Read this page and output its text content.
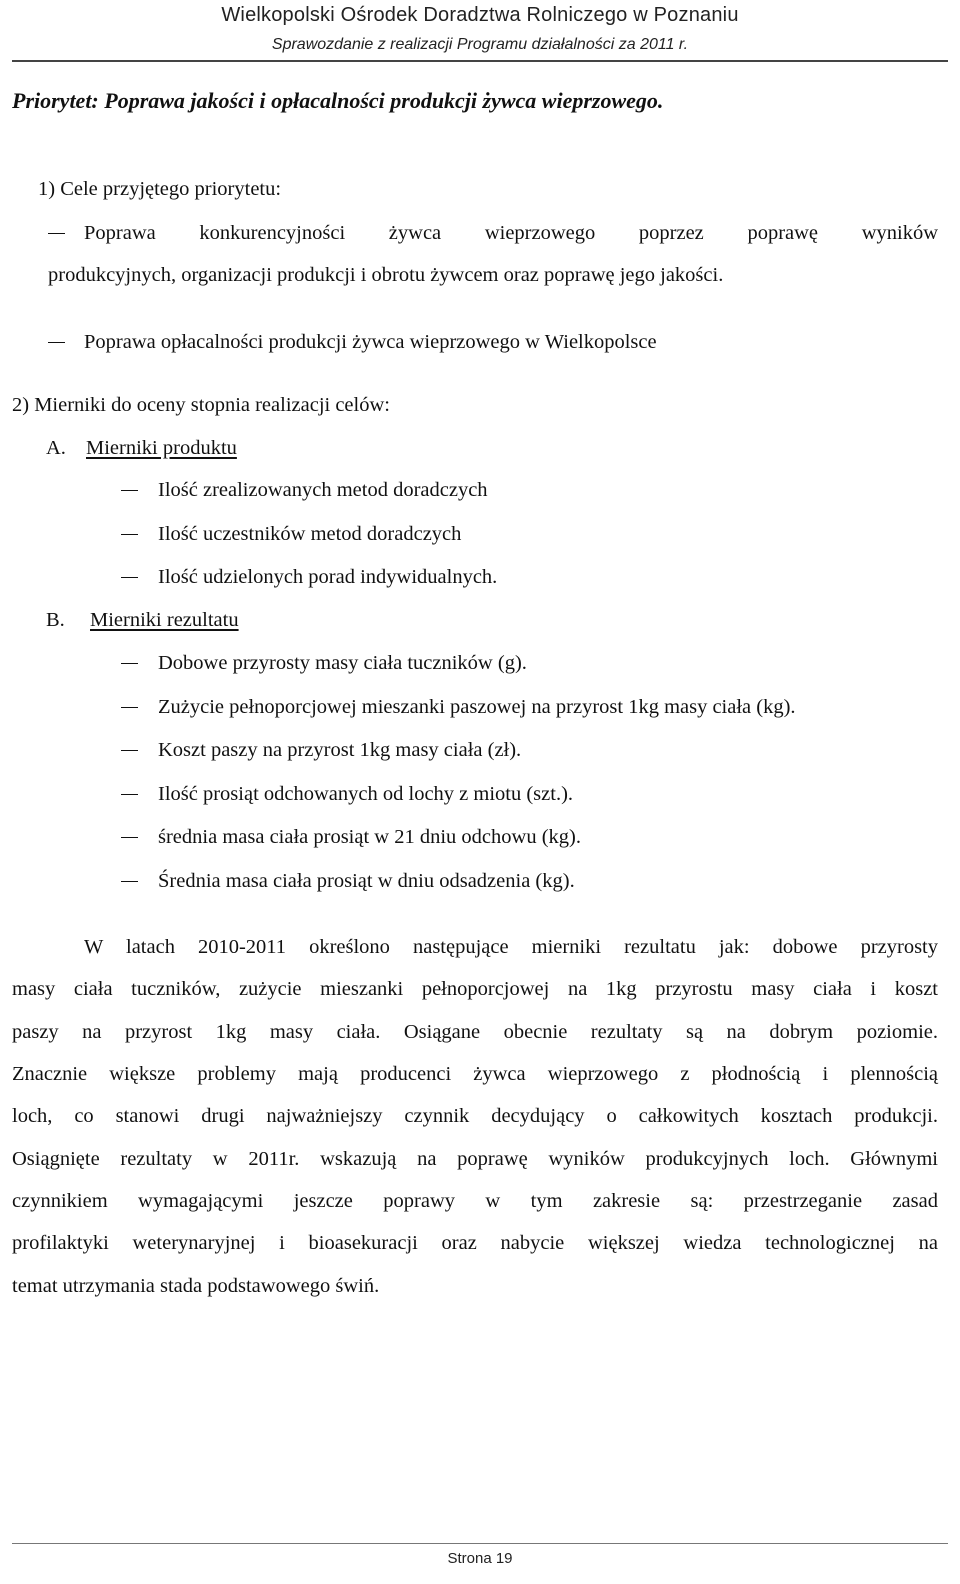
Wielkopolski Ośrodek Doradztwa Rolniczego w Poznaniu
Sprawozdanie z realizacji Programu działalności za 2011 r.
Priorytet: Poprawa jakości i opłacalności produkcji żywca wieprzowego.
1) Cele przyjętego priorytetu:
Poprawa konkurencyjności żywca wieprzowego poprzez poprawę wyników
produkcyjnych, organizacji produkcji i obrotu żywcem oraz poprawę jego jakości.
Poprawa opłacalności produkcji żywca wieprzowego w Wielkopolsce
2) Mierniki do oceny stopnia realizacji celów:
A. Mierniki produktu
Ilość zrealizowanych metod doradczych
Ilość uczestników metod doradczych
Ilość udzielonych porad indywidualnych.
B. Mierniki rezultatu
Dobowe przyrosty masy ciała tuczników (g).
Zużycie pełnoporcjowej mieszanki paszowej na przyrost 1kg masy ciała (kg).
Koszt paszy na przyrost 1kg masy ciała (zł).
Ilość prosiąt odchowanych od lochy z miotu (szt.).
średnia masa ciała prosiąt w 21 dniu odchowu (kg).
Średnia masa ciała prosiąt w dniu odsadzenia (kg).
W latach 2010-2011 określono następujące mierniki rezultatu jak: dobowe przyrosty
masy ciała tuczników, zużycie mieszanki pełnoporcjowej na 1kg przyrostu masy ciała i koszt
paszy na przyrost 1kg masy ciała. Osiągane obecnie rezultaty są na dobrym poziomie.
Znacznie większe problemy mają producenci żywca wieprzowego z płodnością i plennością
loch, co stanowi drugi najważniejszy czynnik decydujący o całkowitych kosztach produkcji.
Osiągnięte rezultaty w 2011r. wskazują na poprawę wyników produkcyjnych loch. Głównymi
czynnikiem wymagającymi jeszcze poprawy w tym zakresie są: przestrzeganie zasad
profilaktyki weterynaryjnej i bioasekuracji oraz nabycie większej wiedza technologicznej na
temat utrzymania stada podstawowego świń.
Strona 19
